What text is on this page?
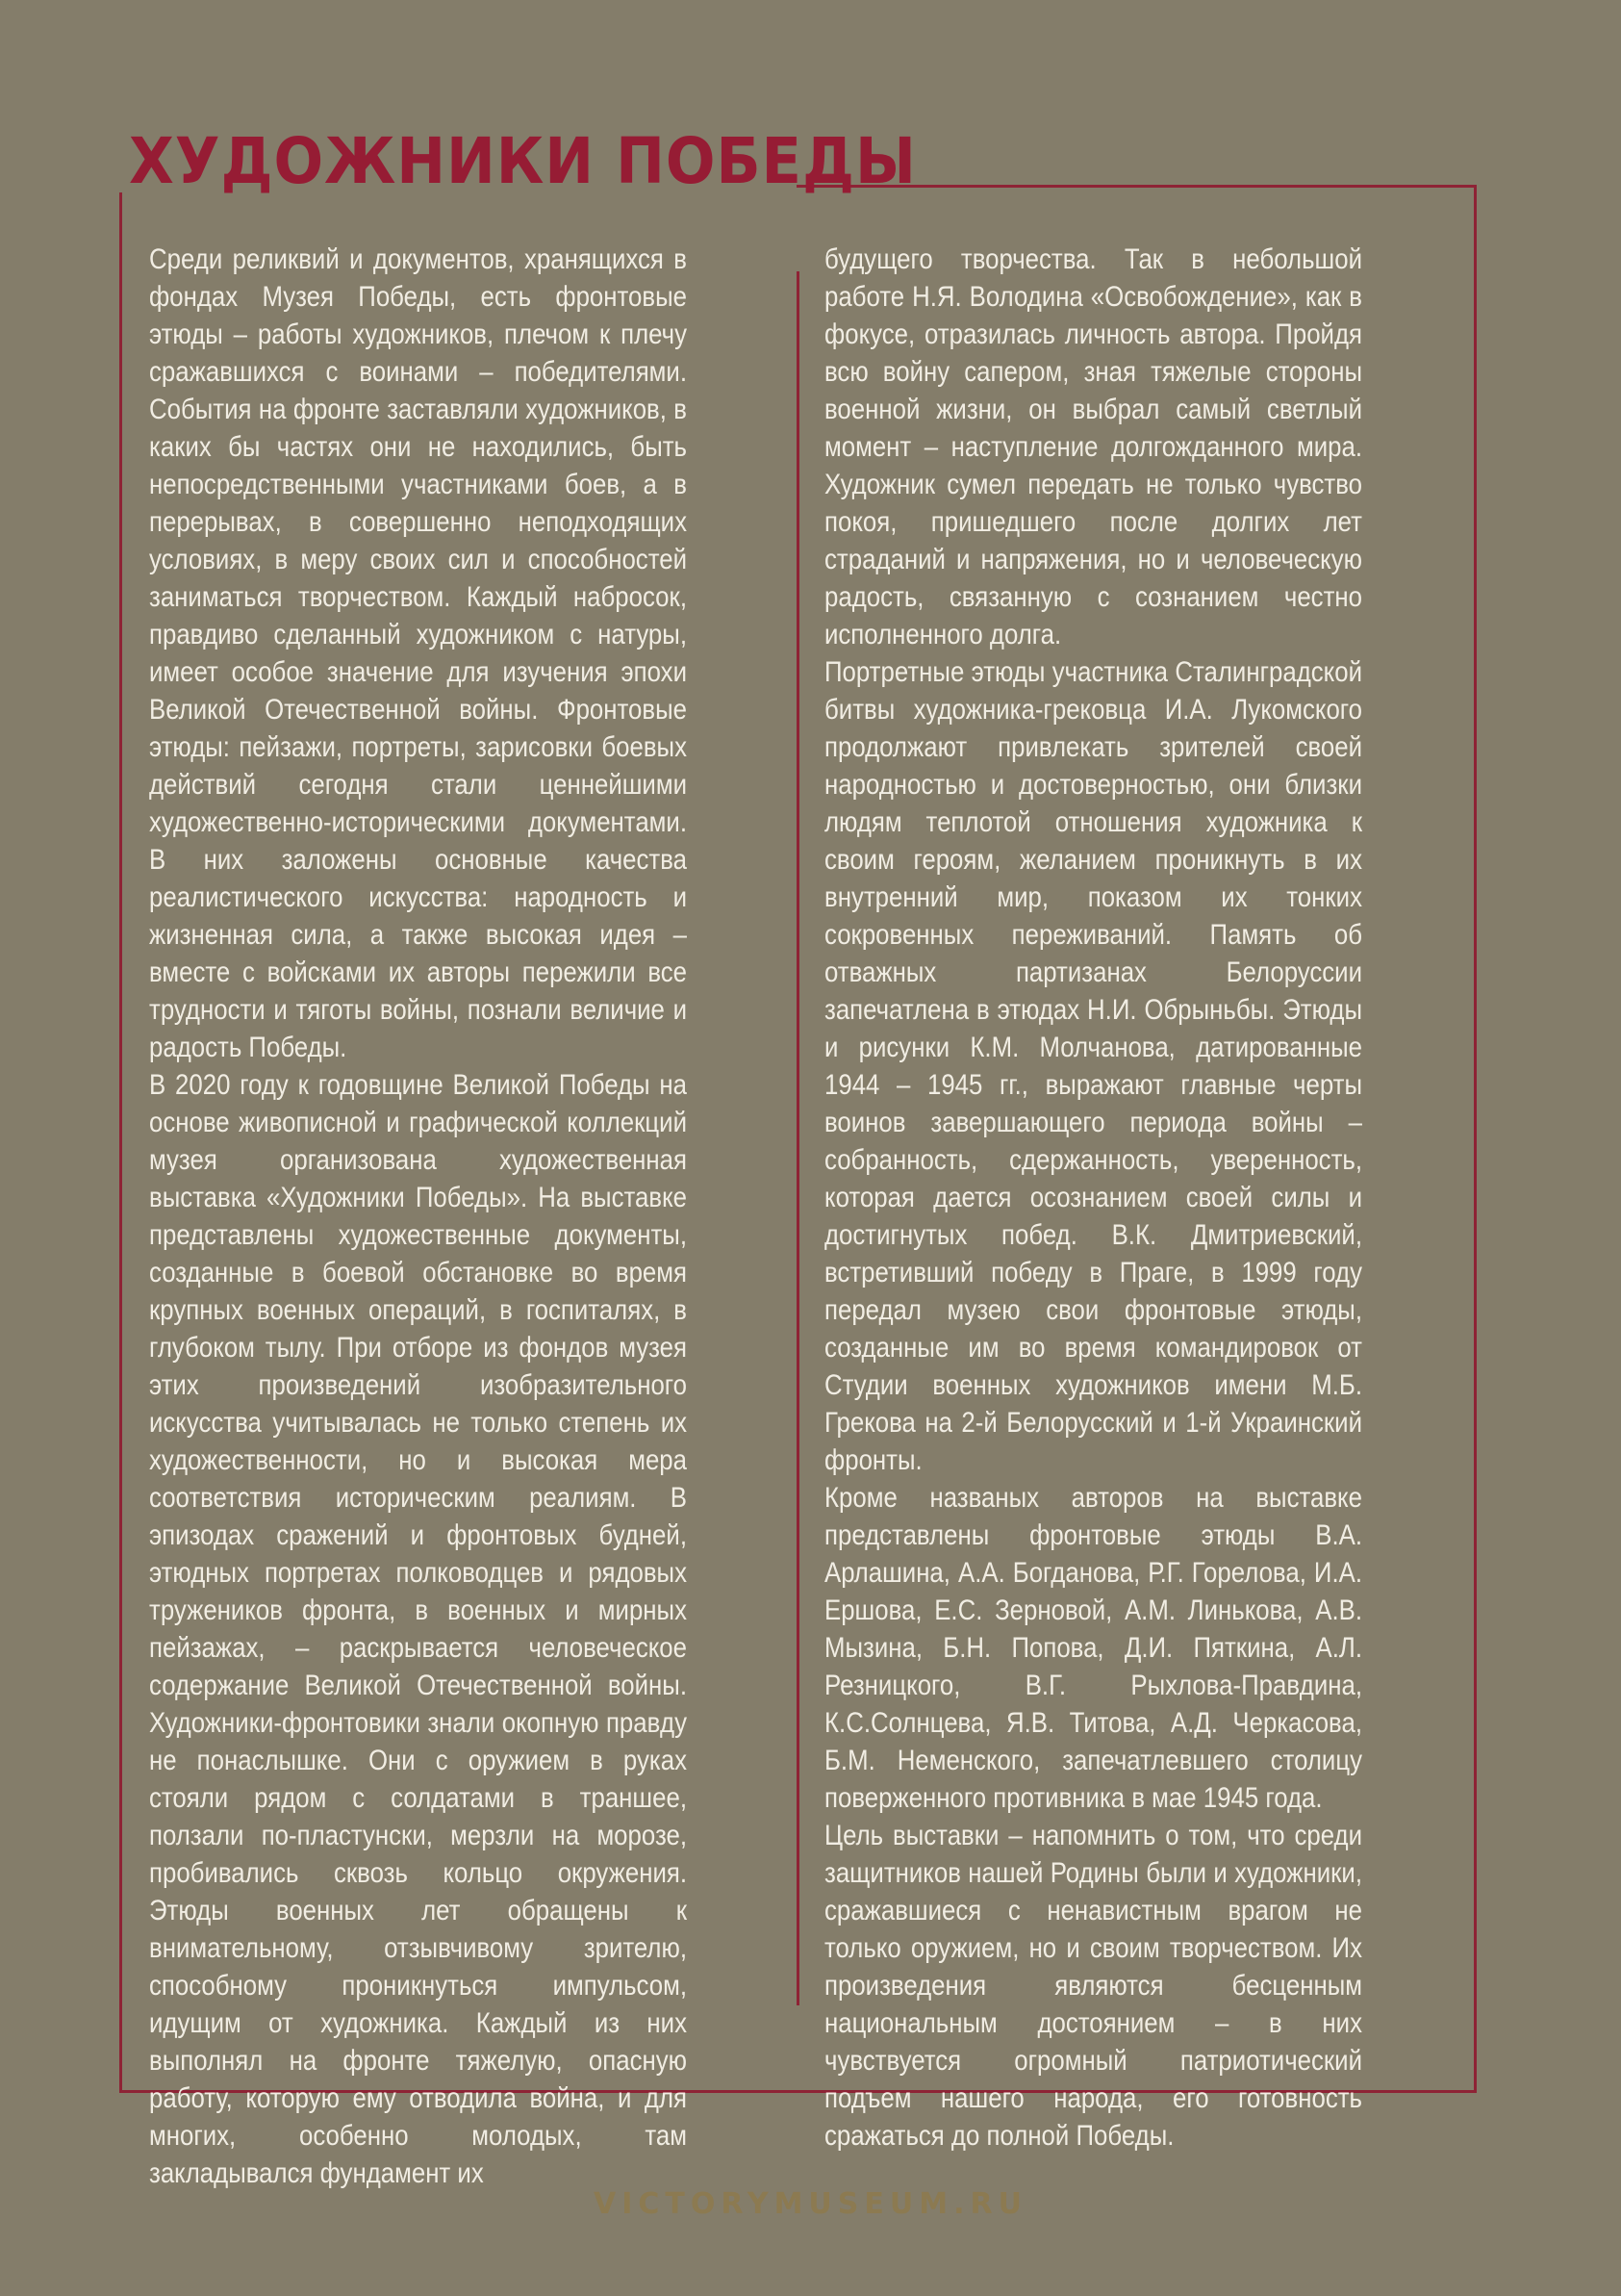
ХУДОЖНИКИ ПОБЕДЫ

Среди реликвий и документов, хранящихся в фондах Музея Победы, есть фронтовые этюды – работы художников, плечом к плечу сражавшихся с воинами – победителями. События на фронте заставляли художников, в каких бы частях они не находились, быть непосредственными участниками боев, а в перерывах, в совершенно неподходящих условиях, в меру своих сил и способностей заниматься творчеством. Каждый набросок, правдиво сделанный художником с натуры, имеет особое значение для изучения эпохи Великой Отечественной войны. Фронтовые этюды: пейзажи, портреты, зарисовки боевых действий сегодня стали ценнейшими художественно-историческими документами. В них заложены основные качества реалистического искусства: народность и жизненная сила, а также высокая идея – вместе с войсками их авторы пережили все трудности и тяготы войны, познали величие и радость Победы.

В 2020 году к годовщине Великой Победы на основе живописной и графической коллекций музея организована художественная выставка «Художники Победы». На выставке представлены художественные документы, созданные в боевой обстановке во время крупных военных операций, в госпиталях, в глубоком тылу. При отборе из фондов музея этих произведений изобразительного искусства учитывалась не только степень их художественности, но и высокая мера соответствия историческим реалиям. В эпизодах сражений и фронтовых будней, этюдных портретах полководцев и рядовых тружеников фронта, в военных и мирных пейзажах, – раскрывается человеческое содержание Великой Отечественной войны. Художники-фронтовики знали окопную правду не понаслышке. Они с оружием в руках стояли рядом с солдатами в траншее, ползали по-пластунски, мерзли на морозе, пробивались сквозь кольцо окружения. Этюды военных лет обращены к внимательному, отзывчивому зрителю, способному проникнуться импульсом, идущим от художника. Каждый из них выполнял на фронте тяжелую, опасную работу, которую ему отводила война, и для многих, особенно молодых, там закладывался фундамент их

будущего творчества. Так в небольшой работе Н.Я. Володина «Освобождение», как в фокусе, отразилась личность автора. Пройдя всю войну сапером, зная тяжелые стороны военной жизни, он выбрал самый светлый момент – наступление долгожданного мира. Художник сумел передать не только чувство покоя, пришедшего после долгих лет страданий и напряжения, но и человеческую радость, связанную с сознанием честно исполненного долга.

Портретные этюды участника Сталинградской битвы художника-грековца И.А. Лукомского продолжают привлекать зрителей своей народностью и достоверностью, они близки людям теплотой отношения художника к своим героям, желанием проникнуть в их внутренний мир, показом их тонких сокровенных переживаний. Память об отважных партизанах Белоруссии запечатлена в этюдах Н.И. Обрыньбы. Этюды и рисунки К.М. Молчанова, датированные 1944 – 1945 гг., выражают главные черты воинов завершающего периода войны – собранность, сдержанность, уверенность, которая дается осознанием своей силы и достигнутых побед. В.К. Дмитриевский, встретивший победу в Праге, в 1999 году передал музею свои фронтовые этюды, созданные им во время командировок от Студии военных художников имени М.Б. Грекова на 2-й Белорусский и 1-й Украинский фронты.

Кроме названых авторов на выставке представлены фронтовые этюды В.А. Арлашина, А.А. Богданова, Р.Г. Горелова, И.А. Ершова, Е.С. Зерновой, А.М. Линькова, А.В. Мызина, Б.Н. Попова, Д.И. Пяткина, А.Л. Резницкого, В.Г. Рыхлова-Правдина, К.С.Солнцева, Я.В. Титова, А.Д. Черкасова, Б.М. Неменского, запечатлевшего столицу поверженного противника в мае 1945 года.

Цель выставки – напомнить о том, что среди защитников нашей Родины были и художники, сражавшиеся с ненавистным врагом не только оружием, но и своим творчеством. Их произведения являются бесценным национальным достоянием – в них чувствуется огромный патриотический подъем нашего народа, его готовность сражаться до полной Победы.

VICTORYMUSEUM.RU
